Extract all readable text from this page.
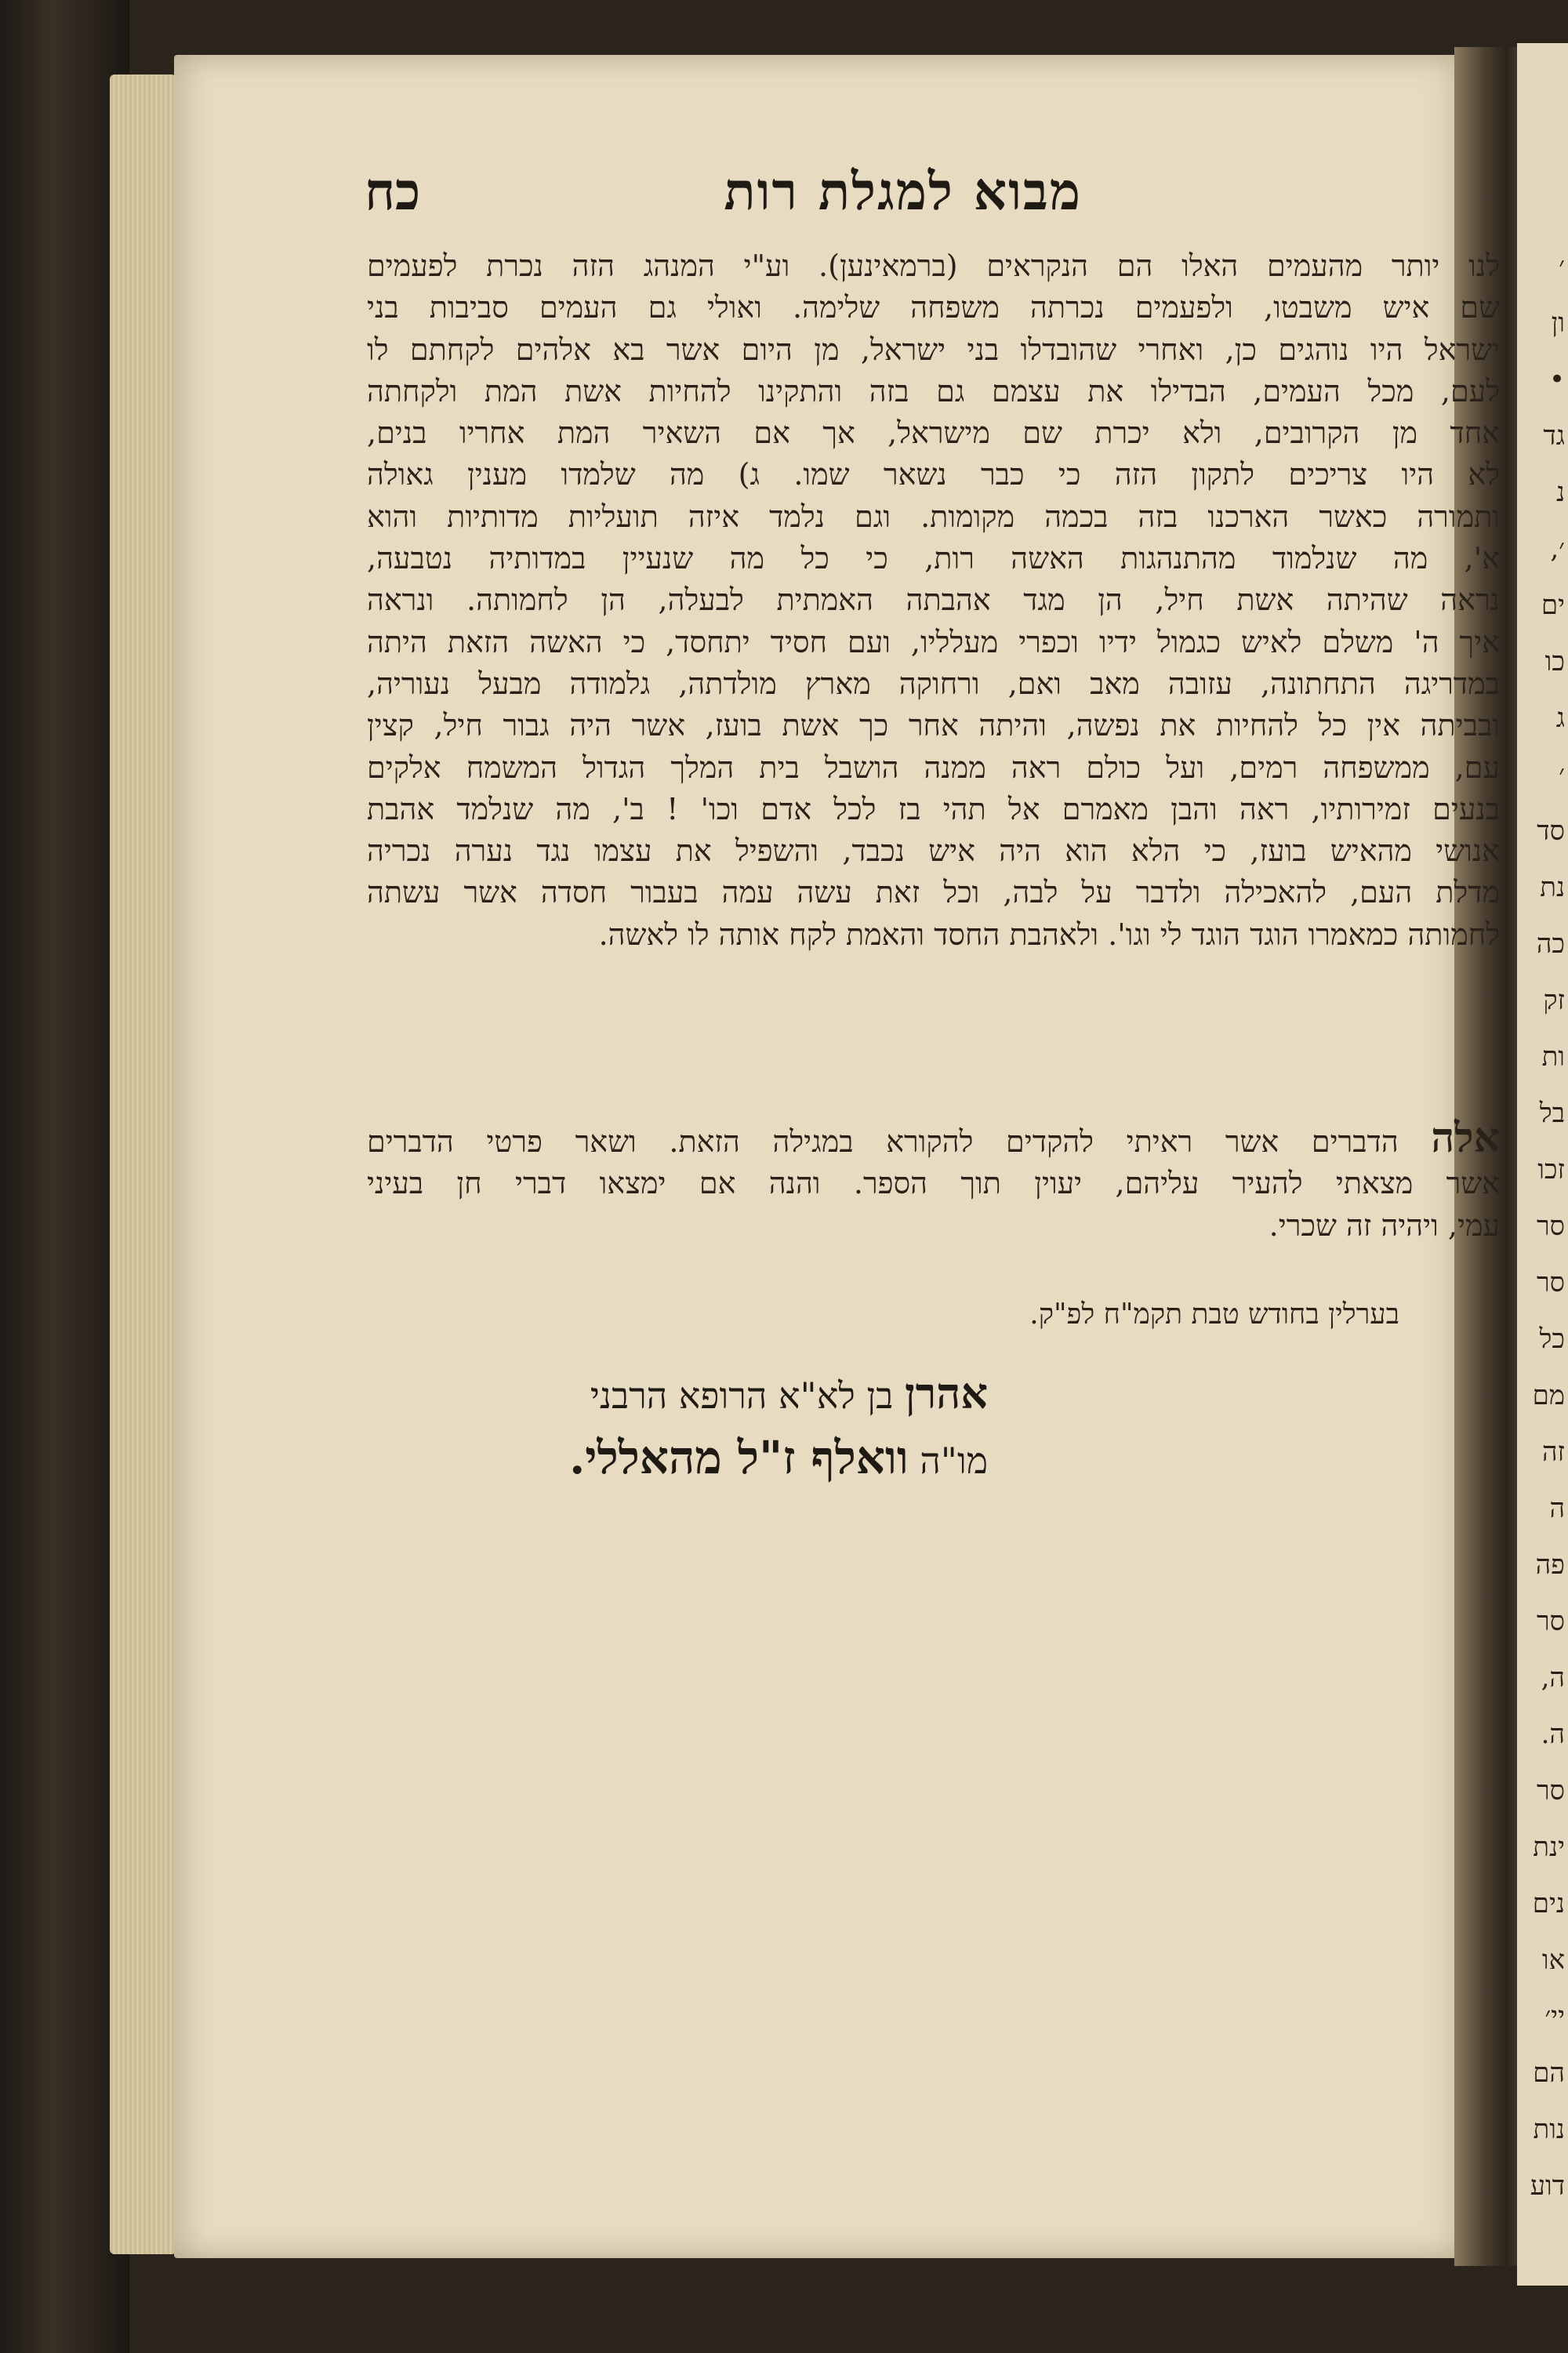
׳
ון
•
גד
נ
׳,
ים
כו
ג
׳
סד
נת
כה
זק
ות
בל
זכו
סר
סר
כל
מם
זה
ה
פה
סר
ה,
ה.
סר
ינת
נים
או
יי׳
הם
נות
דוע
מבוא למגלת רות
כח
לנו יותר מהעמים האלו הם הנקראים (ברמאינען). וע"י המנהג הזה נכרת לפעמים
שם איש משבטו, ולפעמים נכרתה משפחה שלימה. ואולי גם העמים סביבות בני
ישראל היו נוהגים כן, ואחרי שהובדלו בני ישראל, מן היום אשר בא אלהים לקחתם לו
לעם, מכל העמים, הבדילו את עצמם גם בזה והתקינו להחיות אשת המת ולקחתה
אחד מן הקרובים, ולא יכרת שם מישראל, אך אם השאיר המת אחריו בנים,
לא היו צריכים לתקון הזה כי כבר נשאר שמו. ג) מה שלמדו מענין גאולה
ותמורה כאשר הארכנו בזה בכמה מקומות. וגם נלמד איזה תועליות מדותיות והוא
א', מה שנלמוד מהתנהגות האשה רות, כי כל מה שנעיין במדותיה נטבעה,
נראה שהיתה אשת חיל, הן מגד אהבתה האמתית לבעלה, הן לחמותה. ונראה
איך ה' משלם לאיש כגמול ידיו וכפרי מעלליו, ועם חסיד יתחסד, כי האשה הזאת היתה
במדריגה התחתונה, עזובה מאב ואם, ורחוקה מארץ מולדתה, גלמודה מבעל נעוריה,
ובביתה אין כל להחיות את נפשה, והיתה אחר כך אשת בועז, אשר היה גבור חיל, קצין
עם, ממשפחה רמים, ועל כולם ראה ממנה הושבל בית המלך הגדול המשמח אלקים
בנעים זמירותיו, ראה והבן מאמרם אל תהי בז לכל אדם וכו' ! ב', מה שנלמד אהבת
אנושי מהאיש בועז, כי הלא הוא היה איש נכבד, והשפיל את עצמו נגד נערה נכריה
מדלת העם, להאכילה ולדבר על לבה, וכל זאת עשה עמה בעבור חסדה אשר עשתה
לחמותה כמאמרו הוגד הוגד לי וגו'. ולאהבת החסד והאמת לקח אותה לו לאשה.
אלה הדברים אשר ראיתי להקדים להקורא במגילה הזאת. ושאר פרטי הדברים
אשר מצאתי להעיר עליהם, יעוין תוך הספר. והנה אם ימצאו דברי חן בעיני
עמי, ויהיה זה שכרי.
בערלין בחודש טבת תקמ"ח לפ"ק.
אהרן בן לא"א הרופא הרבני
מו"ה וואלף ז"ל מהאללי.
